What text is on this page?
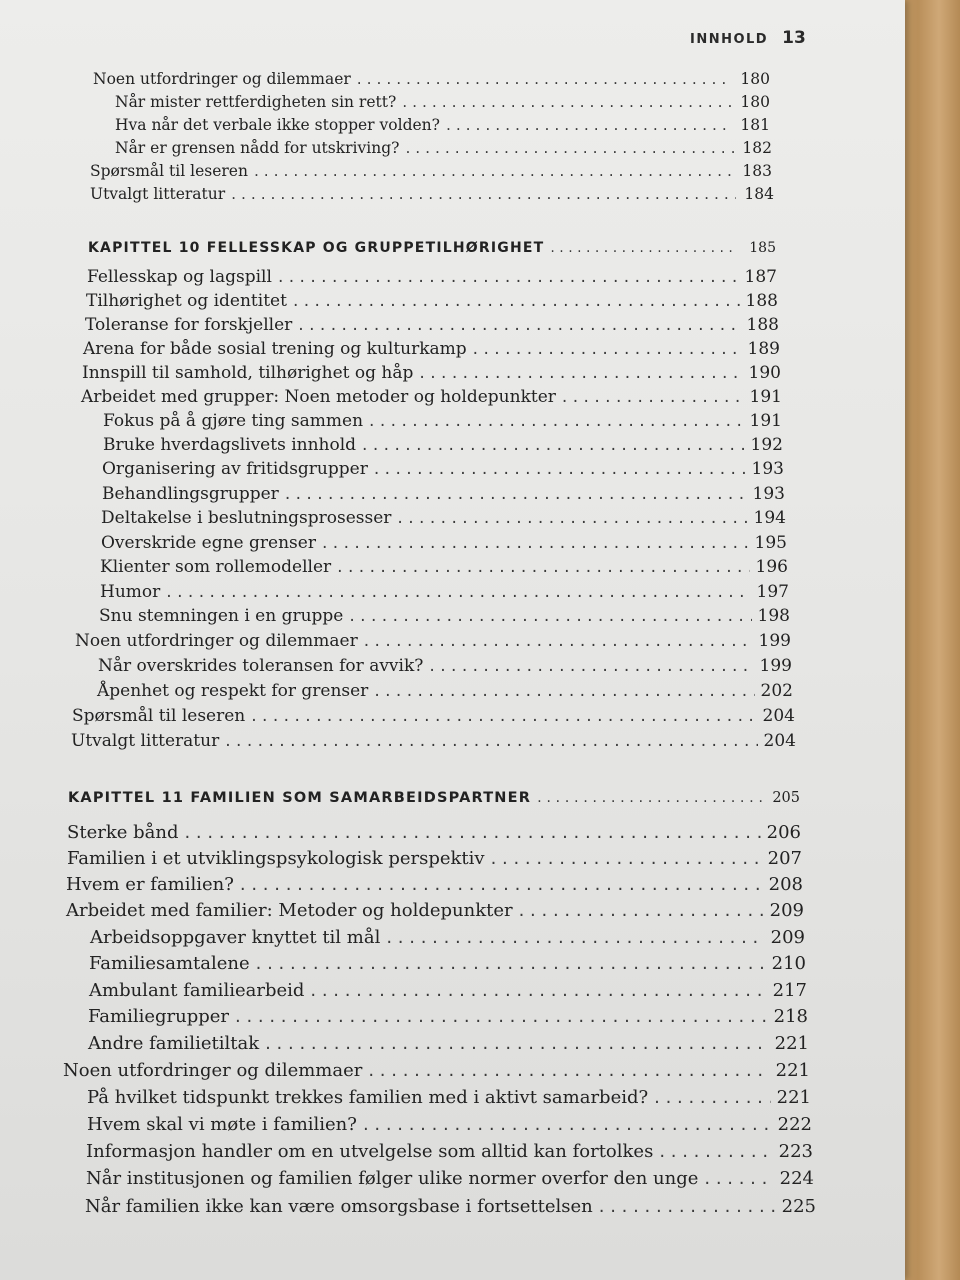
INNHOLD 13
Noen utfordringer og dilemmaer . . .	180
Når mister rettferdigheten sin rett? . . .	180
Hva når det verbale ikke stopper volden? . . .	181
Når er grensen nådd for utskriving? . . .	182
Spørsmål til leseren . . .	183
Utvalgt litteratur . . .	184
KAPITTEL 10 FELLESSKAP OG GRUPPETILHØRIGHET . . .	185
Fellesskap og lagspill . . .	187
Tilhørighet og identitet . . .	188
Toleranse for forskjeller . . .	188
Arena for både sosial trening og kulturkamp . . .	189
Innspill til samhold, tilhørighet og håp . . .	190
Arbeidet med grupper: Noen metoder og holdepunkter . . .	191
Fokus på å gjøre ting sammen . . .	191
Bruke hverdagslivets innhold . . .	192
Organisering av fritidsgrupper . . .	193
Behandlingsgrupper . . .	193
Deltakelse i beslutningsprosesser . . .	194
Overskride egne grenser . . .	195
Klienter som rollemodeller . . .	196
Humor . . .	197
Snu stemningen i en gruppe . . .	198
Noen utfordringer og dilemmaer . . .	199
Når overskrides toleransen for avvik? . . .	199
Åpenhet og respekt for grenser . . .	202
Spørsmål til leseren . . .	204
Utvalgt litteratur . . .	204
KAPITTEL 11 FAMILIEN SOM SAMARBEIDSPARTNER . . .	205
Sterke bånd . . .	206
Familien i et utviklingspsykologisk perspektiv . . .	207
Hvem er familien? . . .	208
Arbeidet med familier: Metoder og holdepunkter . . .	209
Arbeidsoppgaver knyttet til mål . . .	209
Familiesamtalene . . .	210
Ambulant familiearbeid . . .	217
Familiegrupper . . .	218
Andre familietiltak . . .	221
Noen utfordringer og dilemmaer . . .	221
På hvilket tidspunkt trekkes familien med i aktivt samarbeid? . . .	221
Hvem skal vi møte i familien? . . .	222
Informasjon handler om en utvelgelse som alltid kan fortolkes . . .	223
Når institusjonen og familien følger ulike normer overfor den unge . . .	224
Når familien ikke kan være omsorgsbase i fortsettelsen . . .	225
